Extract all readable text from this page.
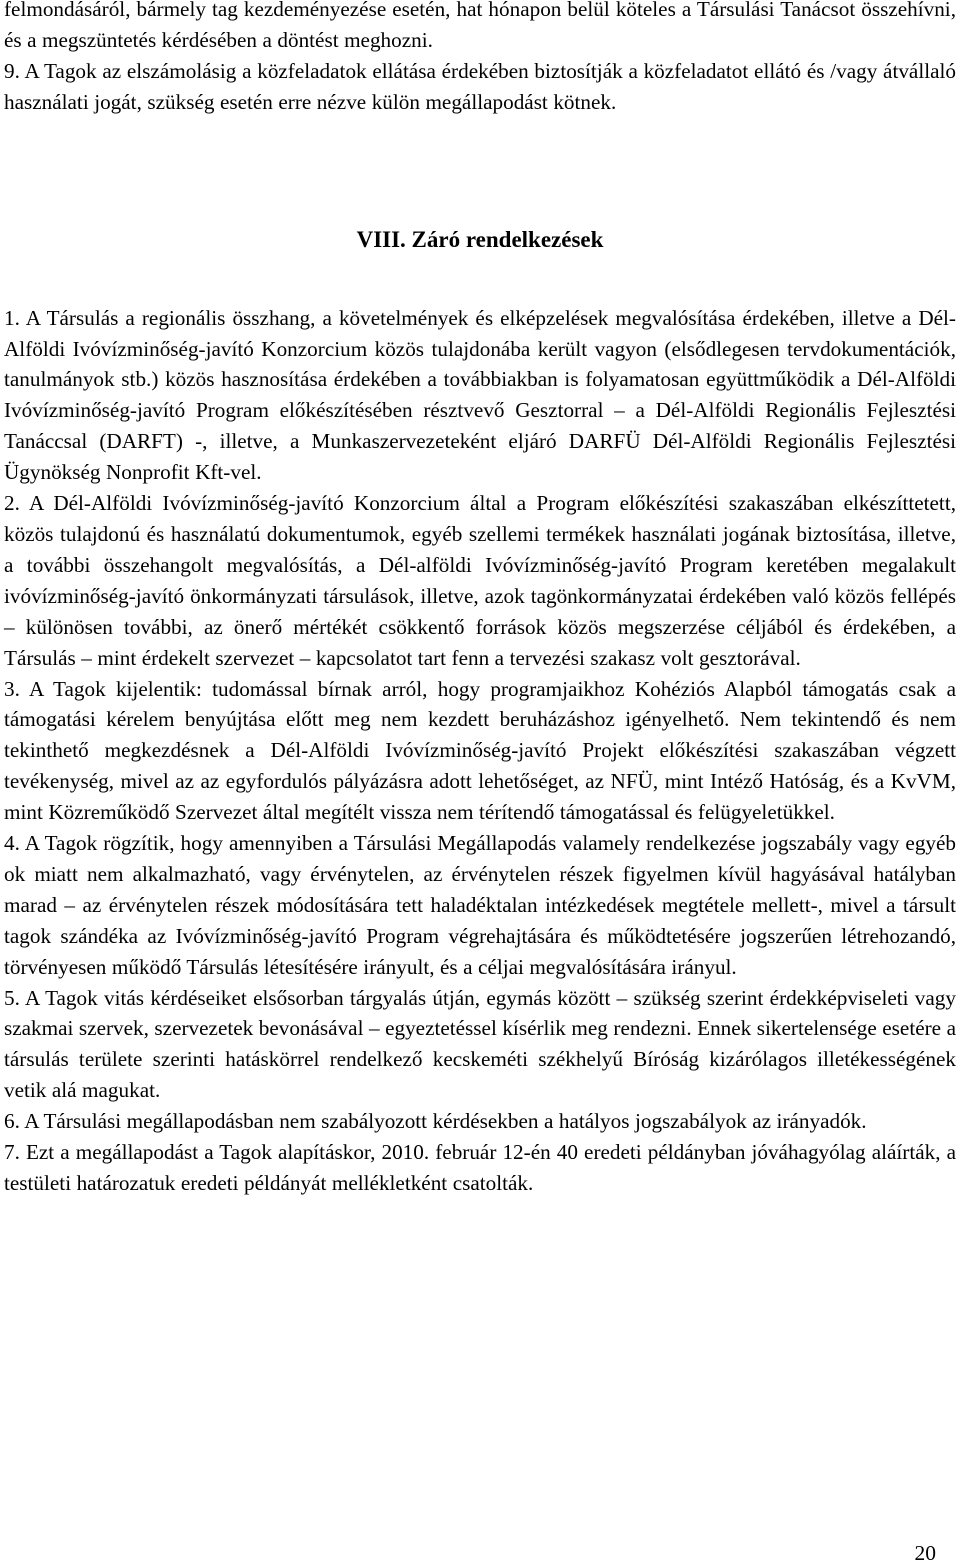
felmondásáról, bármely tag kezdeményezése esetén, hat hónapon belül köteles a Társulási Tanácsot összehívni, és a megszüntetés kérdésében a döntést meghozni.

9. A Tagok az elszámolásig a közfeladatok ellátása érdekében biztosítják a közfeladatot ellátó és /vagy átvállaló használati jogát, szükség esetén erre nézve külön megállapodást kötnek.

VIII. Záró rendelkezések

1. A Társulás a regionális összhang, a követelmények és elképzelések megvalósítása érdekében, illetve a Dél-Alföldi Ivóvízminőség-javító Konzorcium közös tulajdonába került vagyon (elsődlegesen tervdokumentációk, tanulmányok stb.) közös hasznosítása érdekében a továbbiakban is folyamatosan együttműködik a Dél-Alföldi Ivóvízminőség-javító Program előkészítésében résztvevő Gesztorral – a Dél-Alföldi Regionális Fejlesztési Tanáccsal (DARFT) -, illetve, a Munkaszervezeteként eljáró DARFÜ Dél-Alföldi Regionális Fejlesztési Ügynökség Nonprofit Kft-vel.

2. A Dél-Alföldi Ivóvízminőség-javító Konzorcium által a Program előkészítési szakaszában elkészíttetett, közös tulajdonú és használatú dokumentumok, egyéb szellemi termékek használati jogának biztosítása, illetve, a további összehangolt megvalósítás, a Dél-alföldi Ivóvízminőség-javító Program keretében megalakult ivóvízminőség-javító önkormányzati társulások, illetve, azok tagönkormányzatai érdekében való közös fellépés – különösen további, az önerő mértékét csökkentő források közös megszerzése céljából és érdekében, a Társulás – mint érdekelt szervezet – kapcsolatot tart fenn a tervezési szakasz volt gesztorával.

3. A Tagok kijelentik: tudomással bírnak arról, hogy programjaikhoz Kohéziós Alapból támogatás csak a támogatási kérelem benyújtása előtt meg nem kezdett beruházáshoz igényelhető. Nem tekintendő és nem tekinthető megkezdésnek a Dél-Alföldi Ivóvízminőség-javító Projekt előkészítési szakaszában végzett tevékenység, mivel az az egyfordulós pályázásra adott lehetőséget, az NFÜ, mint Intéző Hatóság, és a KvVM, mint Közreműködő Szervezet által megítélt vissza nem térítendő támogatással és felügyeletükkel.

4. A Tagok rögzítik, hogy amennyiben a Társulási Megállapodás valamely rendelkezése jogszabály vagy egyéb ok miatt nem alkalmazható, vagy érvénytelen, az érvénytelen részek figyelmen kívül hagyásával hatályban marad – az érvénytelen részek módosítására tett haladéktalan intézkedések megtétele mellett-, mivel a társult tagok szándéka az Ivóvízminőség-javító Program végrehajtására és működtetésére jogszerűen létrehozandó, törvényesen működő Társulás létesítésére irányult, és a céljai megvalósítására irányul.

5. A Tagok vitás kérdéseiket elsősorban tárgyalás útján, egymás között – szükség szerint érdekképviseleti vagy szakmai szervek, szervezetek bevonásával – egyeztetéssel kísérlik meg rendezni. Ennek sikertelensége esetére a társulás területe szerinti hatáskörrel rendelkező kecskeméti székhelyű Bíróság kizárólagos illetékességének vetik alá magukat.

6. A Társulási megállapodásban nem szabályozott kérdésekben a hatályos jogszabályok az irányadók.

7. Ezt a megállapodást a Tagok alapításkor, 2010. február 12-én 40 eredeti példányban jóváhagyólag aláírták, a testületi határozatuk eredeti példányát mellékletként csatolták.

20
